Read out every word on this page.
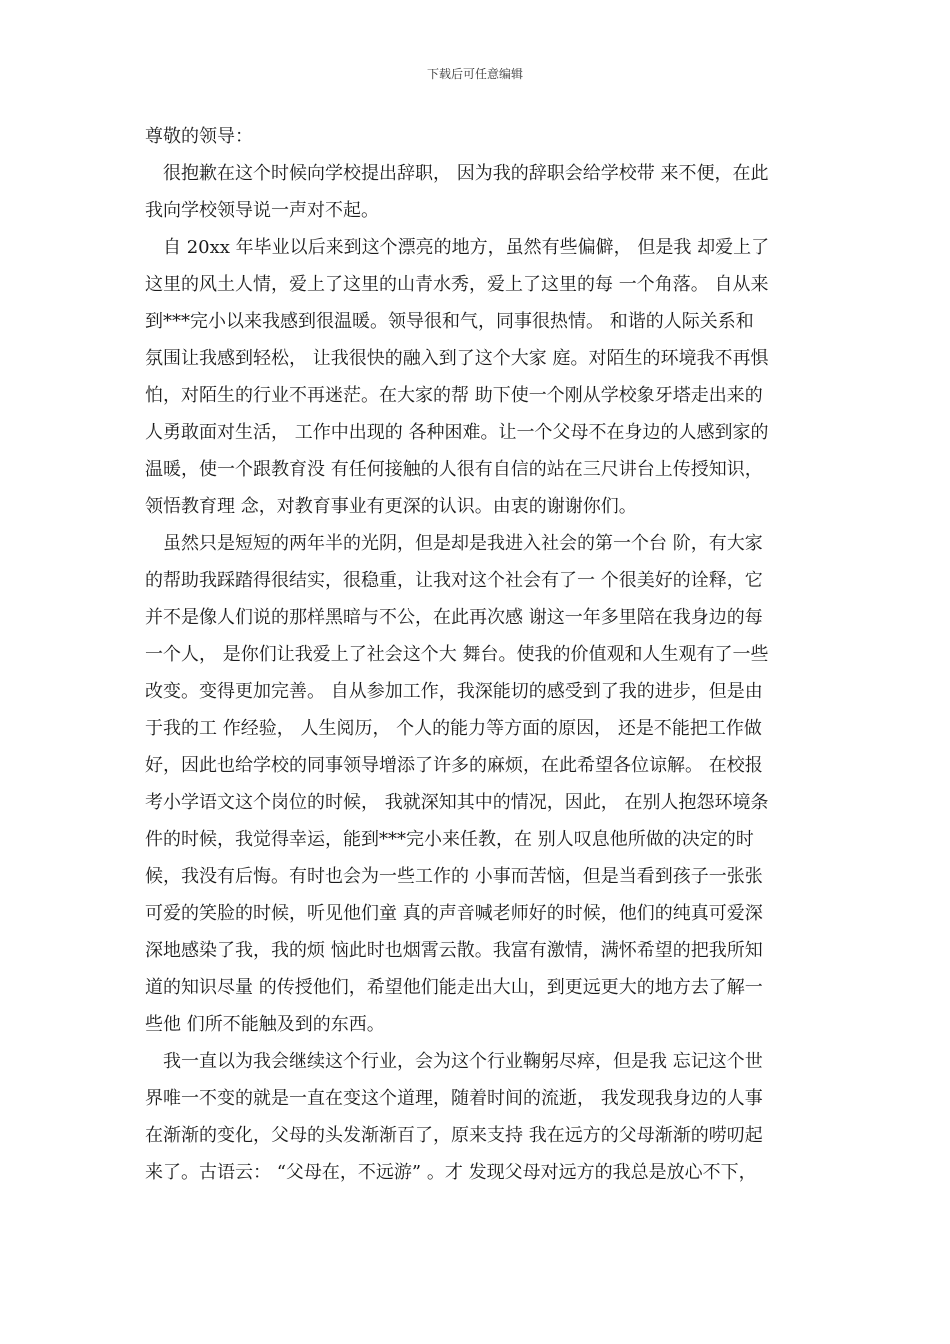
下载后可任意编辑
尊敬的领导：
很抱歉在这个时候向学校提出辞职， 因为我的辞职会给学校带 来不便，在此
我向学校领导说一声对不起。
自 20xx 年毕业以后来到这个漂亮的地方，虽然有些偏僻， 但是我 却爱上了
这里的风土人情，爱上了这里的山青水秀，爱上了这里的每 一个角落。 自从来
到***完小以来我感到很温暖。领导很和气，同事很热情。 和谐的人际关系和
氛围让我感到轻松， 让我很快的融入到了这个大家 庭。对陌生的环境我不再惧
怕，对陌生的行业不再迷茫。在大家的帮 助下使一个刚从学校象牙塔走出来的
人勇敢面对生活， 工作中出现的 各种困难。让一个父母不在身边的人感到家的
温暖，使一个跟教育没 有任何接触的人很有自信的站在三尺讲台上传授知识，
领悟教育理 念，对教育事业有更深的认识。由衷的谢谢你们。
虽然只是短短的两年半的光阴，但是却是我进入社会的第一个台 阶，有大家
的帮助我踩踏得很结实，很稳重，让我对这个社会有了一 个很美好的诠释，它
并不是像人们说的那样黑暗与不公，在此再次感 谢这一年多里陪在我身边的每
一个人， 是你们让我爱上了社会这个大 舞台。使我的价值观和人生观有了一些
改变。变得更加完善。 自从参加工作，我深能切的感受到了我的进步，但是由
于我的工 作经验， 人生阅历， 个人的能力等方面的原因， 还是不能把工作做
好，因此也给学校的同事领导增添了许多的麻烦，在此希望各位谅解。 在校报
考小学语文这个岗位的时候， 我就深知其中的情况，因此， 在别人抱怨环境条
件的时候，我觉得幸运，能到***完小来任教，在 别人叹息他所做的决定的时
候，我没有后悔。有时也会为一些工作的 小事而苦恼，但是当看到孩子一张张
可爱的笑脸的时候，听见他们童 真的声音喊老师好的时候，他们的纯真可爱深
深地感染了我，我的烦 恼此时也烟霄云散。我富有激情，满怀希望的把我所知
道的知识尽量 的传授他们，希望他们能走出大山，到更远更大的地方去了解一
些他 们所不能触及到的东西。
我一直以为我会继续这个行业，会为这个行业鞠躬尽瘁，但是我 忘记这个世
界唯一不变的就是一直在变这个道理，随着时间的流逝， 我发现我身边的人事
在渐渐的变化，父母的头发渐渐百了，原来支持 我在远方的父母渐渐的唠叨起
来了。古语云： “父母在，不远游” 。才 发现父母对远方的我总是放心不下，
